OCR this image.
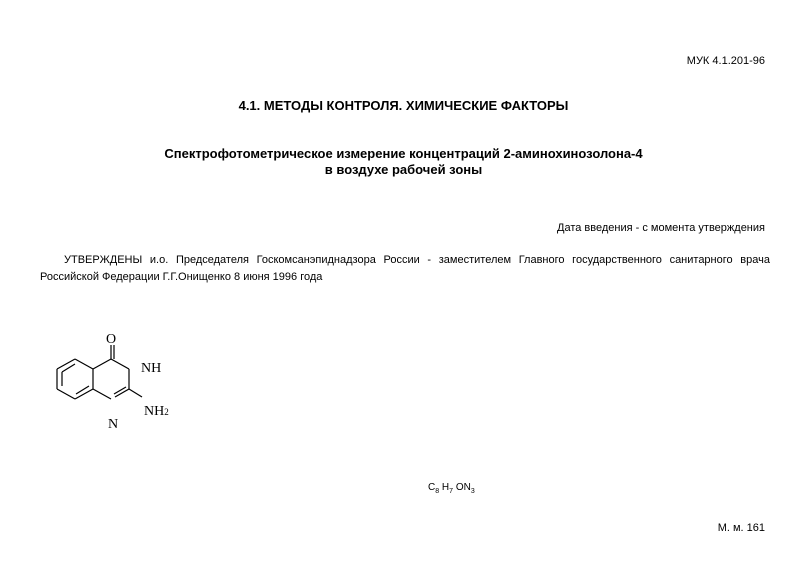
МУК 4.1.201-96
4.1. МЕТОДЫ КОНТРОЛЯ. ХИМИЧЕСКИЕ ФАКТОРЫ
Спектрофотометрическое измерение концентраций 2-аминохинозолона-4
в воздухе рабочей зоны
Дата введения - с момента утверждения
УТВЕРЖДЕНЫ и.о. Председателя Госкомсанэпиднадзора России - заместителем Главного государственного санитарного врача Российской Федерации Г.Г.Онищенко 8 июня 1996 года
O
NH
NH2
N
$C_8$ $H_7$ $ON_3$
М. м. 161
